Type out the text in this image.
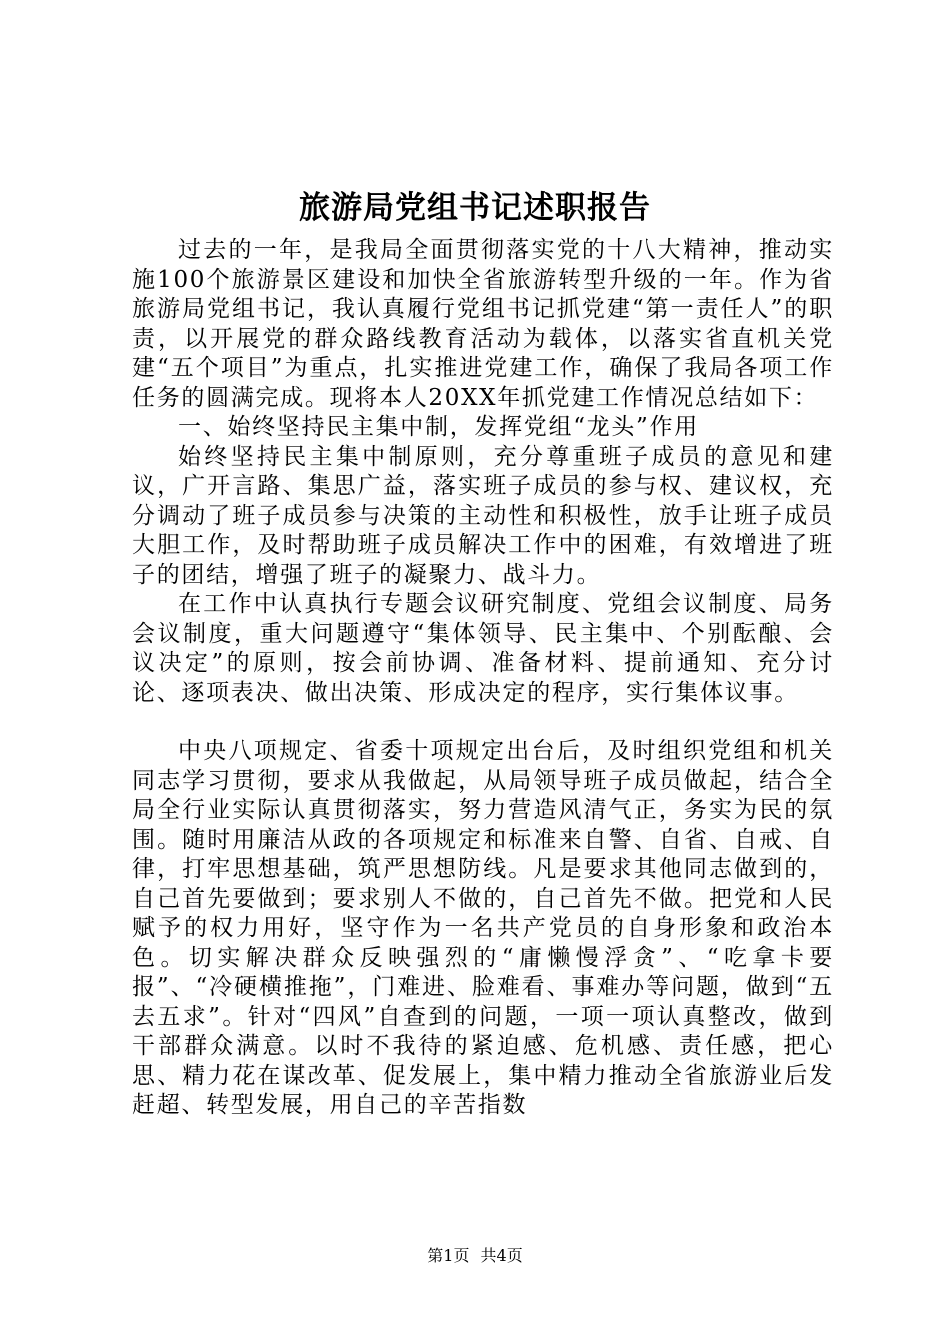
旅游局党组书记述职报告

过去的一年，是我局全面贯彻落实党的十八大精神，推动实施100个旅游景区建设和加快全省旅游转型升级的一年。作为省旅游局党组书记，我认真履行党组书记抓党建“第一责任人”的职责，以开展党的群众路线教育活动为载体，以落实省直机关党建“五个项目”为重点，扎实推进党建工作，确保了我局各项工作任务的圆满完成。现将本人20XX年抓党建工作情况总结如下：

一、始终坚持民主集中制，发挥党组“龙头”作用

始终坚持民主集中制原则，充分尊重班子成员的意见和建议，广开言路、集思广益，落实班子成员的参与权、建议权，充分调动了班子成员参与决策的主动性和积极性，放手让班子成员大胆工作，及时帮助班子成员解决工作中的困难，有效增进了班子的团结，增强了班子的凝聚力、战斗力。

在工作中认真执行专题会议研究制度、党组会议制度、局务会议制度，重大问题遵守“集体领导、民主集中、个别酝酿、会议决定”的原则，按会前协调、准备材料、提前通知、充分讨论、逐项表决、做出决策、形成决定的程序，实行集体议事。

中央八项规定、省委十项规定出台后，及时组织党组和机关同志学习贯彻，要求从我做起，从局领导班子成员做起，结合全局全行业实际认真贯彻落实，努力营造风清气正，务实为民的氛围。随时用廉洁从政的各项规定和标准来自警、自省、自戒、自律，打牢思想基础，筑严思想防线。凡是要求其他同志做到的，自己首先要做到；要求别人不做的，自己首先不做。把党和人民赋予的权力用好，坚守作为一名共产党员的自身形象和政治本色。切实解决群众反映强烈的“庸懒慢浮贪”、“吃拿卡要报”、“冷硬横推拖”，门难进、脸难看、事难办等问题，做到“五去五求”。针对“四风”自查到的问题，一项一项认真整改，做到干部群众满意。以时不我待的紧迫感、危机感、责任感，把心思、精力花在谋改革、促发展上，集中精力推动全省旅游业后发赶超、转型发展，用自己的辛苦指数

第1页 共4页
